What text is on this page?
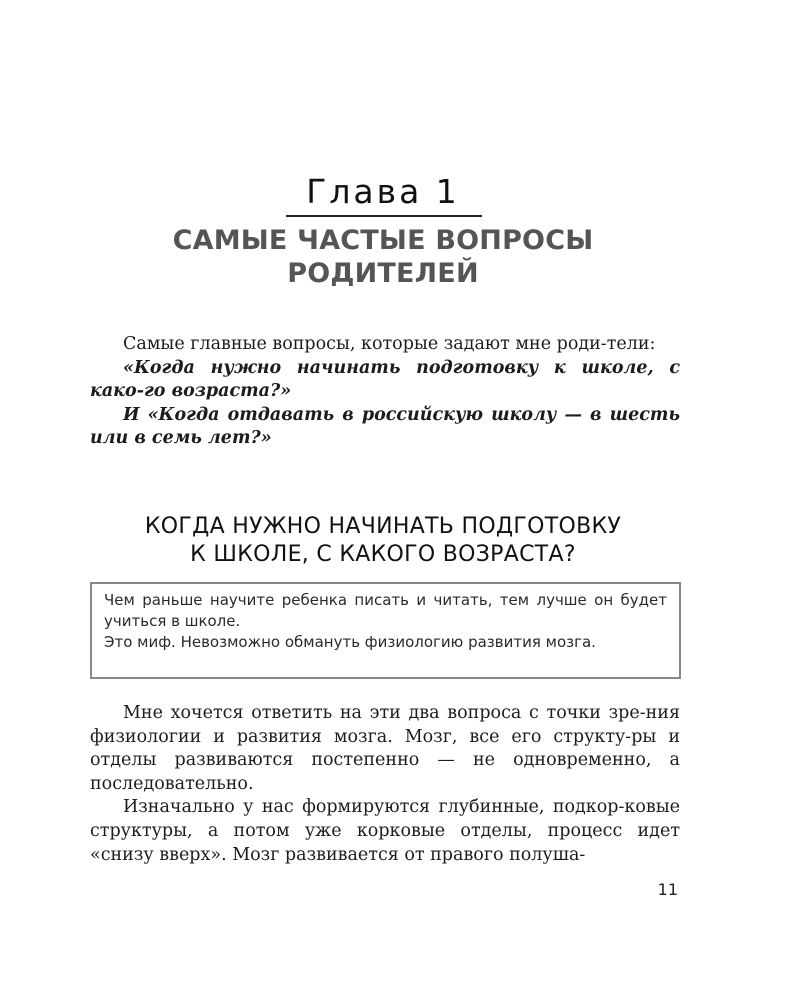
Глава 1
САМЫЕ ЧАСТЫЕ ВОПРОСЫ
РОДИТЕЛЕЙ

Самые главные вопросы, которые задают мне роди-тели:

«Когда нужно начинать подготовку к школе, с како-го возраста?»

И «Когда отдавать в российскую школу — в шесть или в семь лет?»

КОГДА НУЖНО НАЧИНАТЬ ПОДГОТОВКУ
К ШКОЛЕ, С КАКОГО ВОЗРАСТА?

Чем раньше научите ребенка писать и читать, тем лучше он будет учиться в школе.

Это миф. Невозможно обмануть физиологию развития мозга.

Мне хочется ответить на эти два вопроса с точки зре-ния физиологии и развития мозга. Мозг, все его структу-ры и отделы развиваются постепенно — не одновременно, а последовательно.

Изначально у нас формируются глубинные, подкор-ковые структуры, а потом уже корковые отделы, процесс идет «снизу вверх». Мозг развивается от правого полуша-

11
